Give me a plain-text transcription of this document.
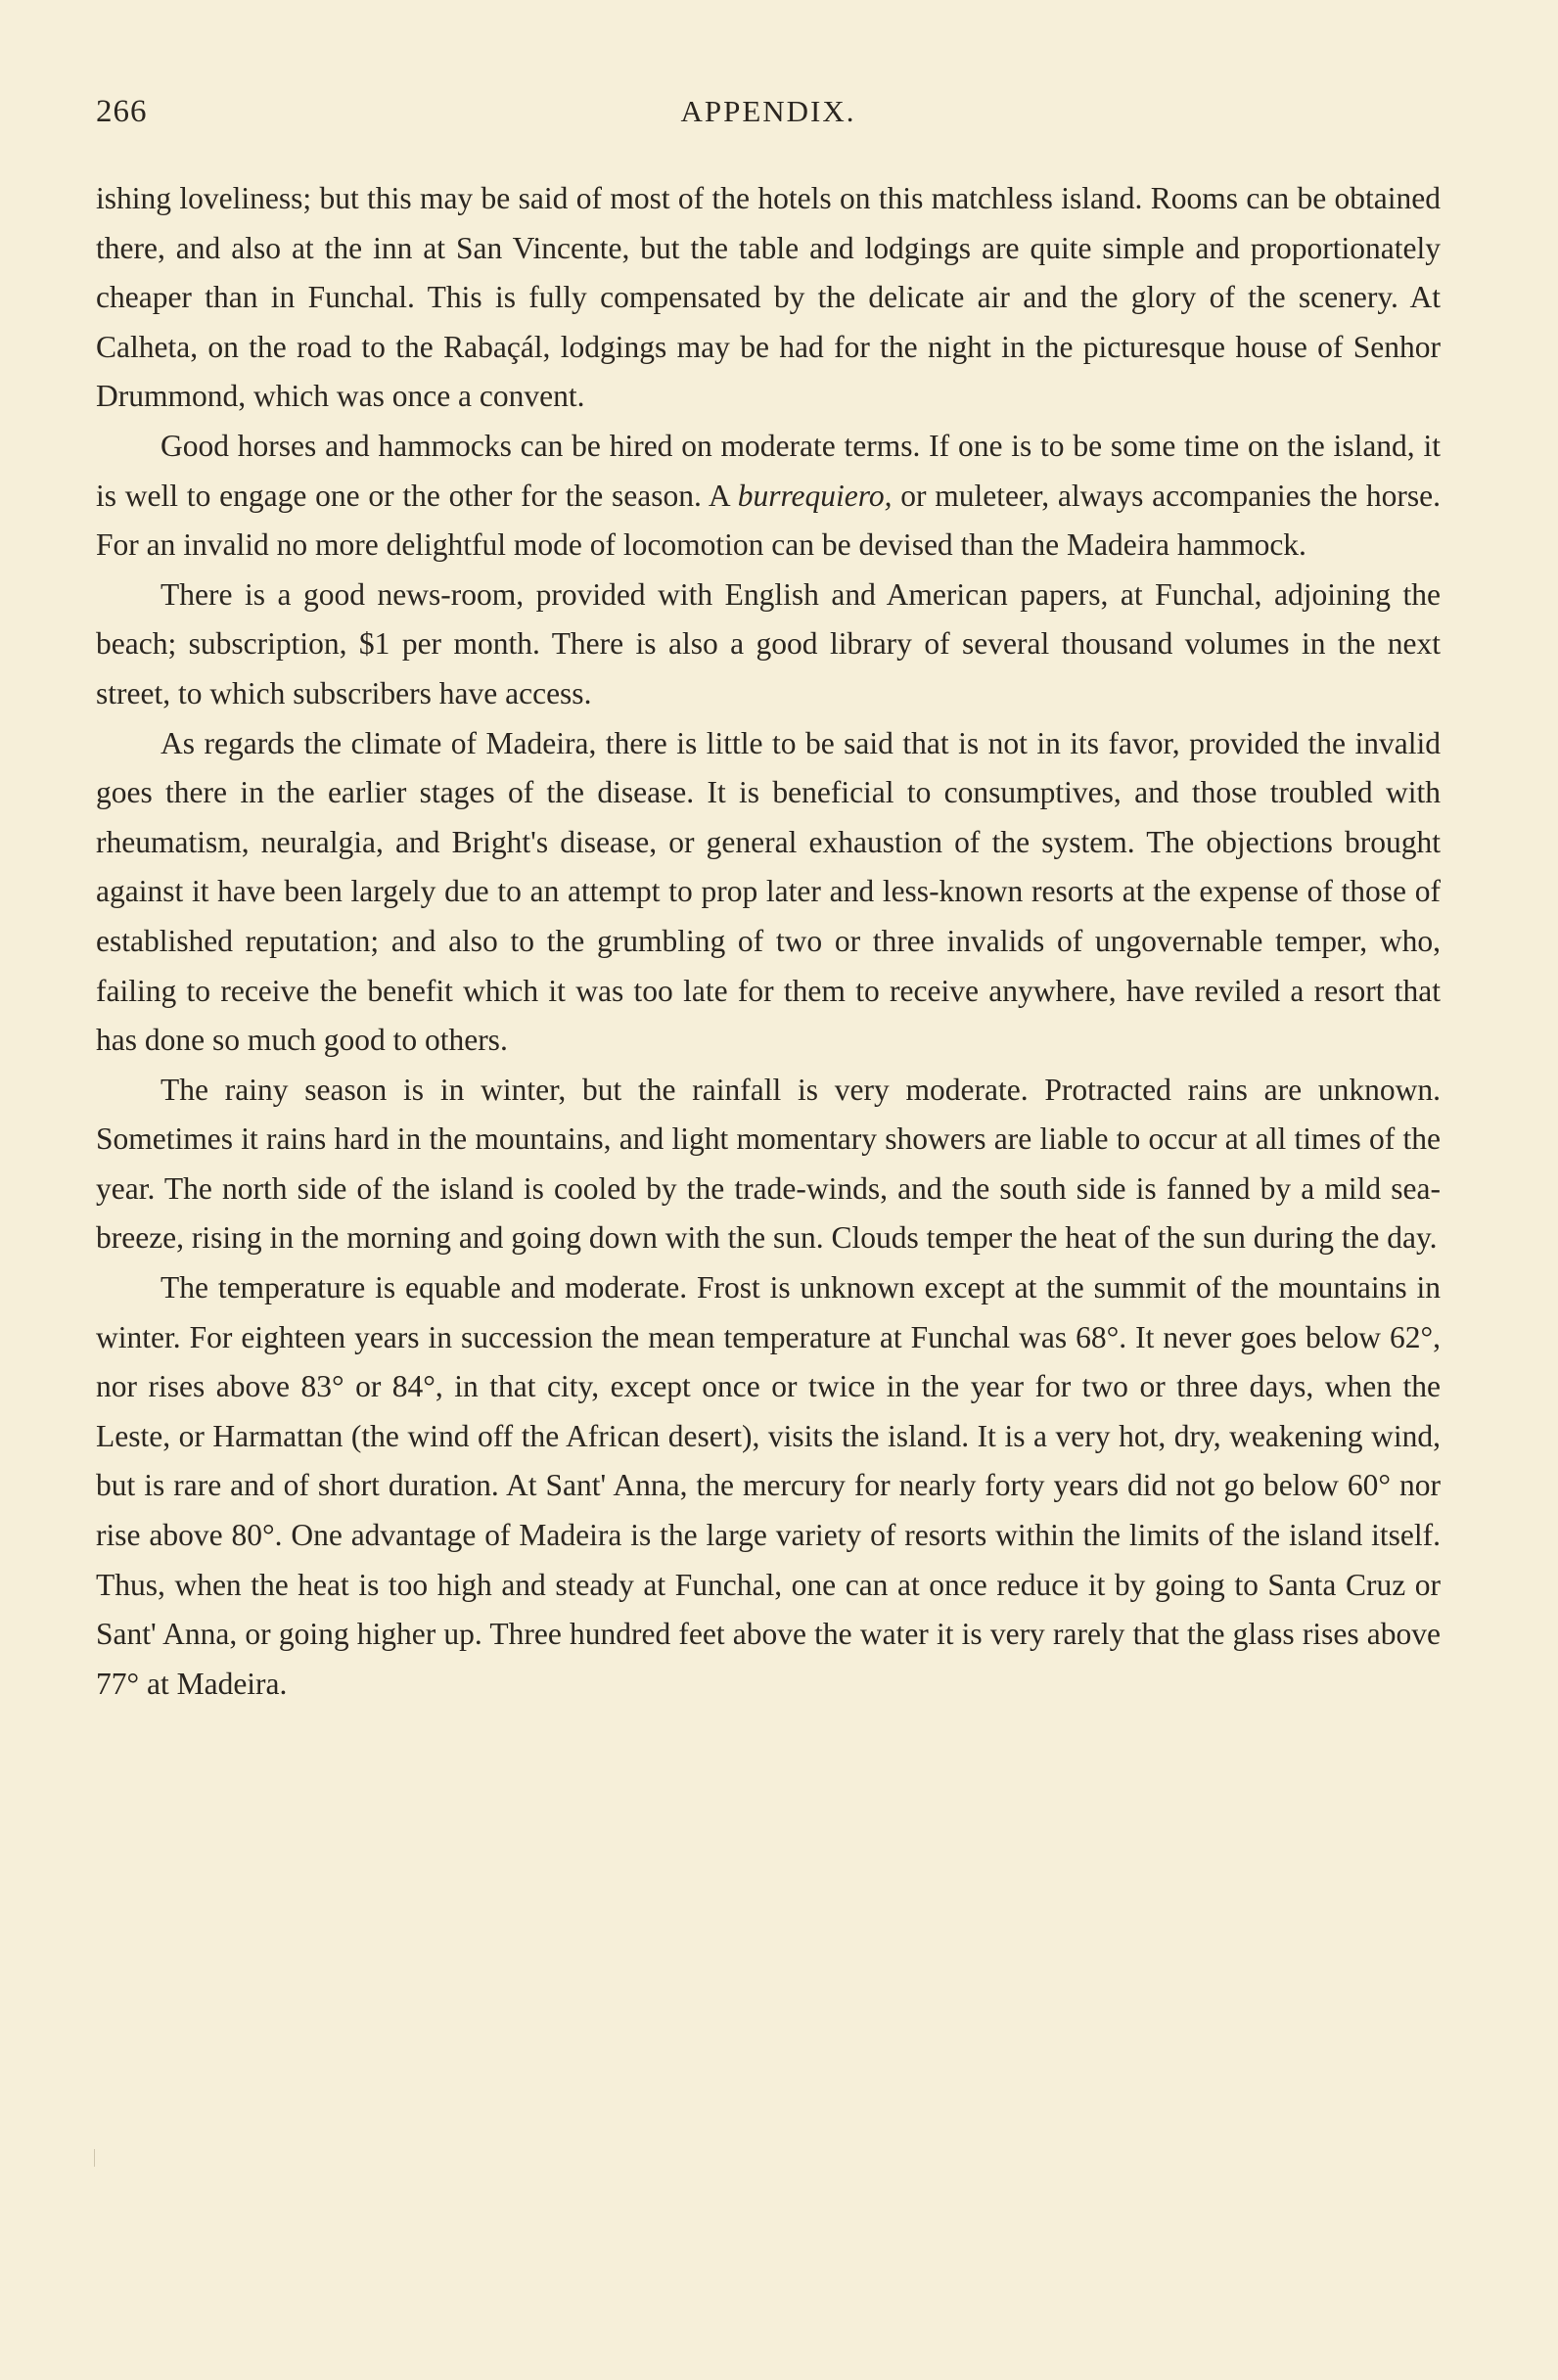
266	APPENDIX.

ishing loveliness; but this may be said of most of the hotels on this matchless island. Rooms can be obtained there, and also at the inn at San Vincente, but the table and lodgings are quite simple and proportionately cheaper than in Funchal. This is fully compensated by the delicate air and the glory of the scenery. At Calheta, on the road to the Rabaçál, lodgings may be had for the night in the picturesque house of Senhor Drummond, which was once a convent.

Good horses and hammocks can be hired on moderate terms. If one is to be some time on the island, it is well to engage one or the other for the season. A burrequiero, or muleteer, always accompanies the horse. For an invalid no more delightful mode of locomotion can be devised than the Madeira hammock.

There is a good news-room, provided with English and American papers, at Funchal, adjoining the beach; subscription, $1 per month. There is also a good library of several thousand volumes in the next street, to which subscribers have access.

As regards the climate of Madeira, there is little to be said that is not in its favor, provided the invalid goes there in the earlier stages of the disease. It is beneficial to consumptives, and those troubled with rheumatism, neuralgia, and Bright's disease, or general exhaustion of the system. The objections brought against it have been largely due to an attempt to prop later and less-known resorts at the expense of those of established reputation; and also to the grumbling of two or three invalids of ungovernable temper, who, failing to receive the benefit which it was too late for them to receive anywhere, have reviled a resort that has done so much good to others.

The rainy season is in winter, but the rainfall is very moderate. Protracted rains are unknown. Sometimes it rains hard in the mountains, and light momentary showers are liable to occur at all times of the year. The north side of the island is cooled by the trade-winds, and the south side is fanned by a mild sea-breeze, rising in the morning and going down with the sun. Clouds temper the heat of the sun during the day.

The temperature is equable and moderate. Frost is unknown except at the summit of the mountains in winter. For eighteen years in succession the mean temperature at Funchal was 68°. It never goes below 62°, nor rises above 83° or 84°, in that city, except once or twice in the year for two or three days, when the Leste, or Harmattan (the wind off the African desert), visits the island. It is a very hot, dry, weakening wind, but is rare and of short duration. At Sant' Anna, the mercury for nearly forty years did not go below 60° nor rise above 80°. One advantage of Madeira is the large variety of resorts within the limits of the island itself. Thus, when the heat is too high and steady at Funchal, one can at once reduce it by going to Santa Cruz or Sant' Anna, or going higher up. Three hundred feet above the water it is very rarely that the glass rises above 77° at Madeira.
